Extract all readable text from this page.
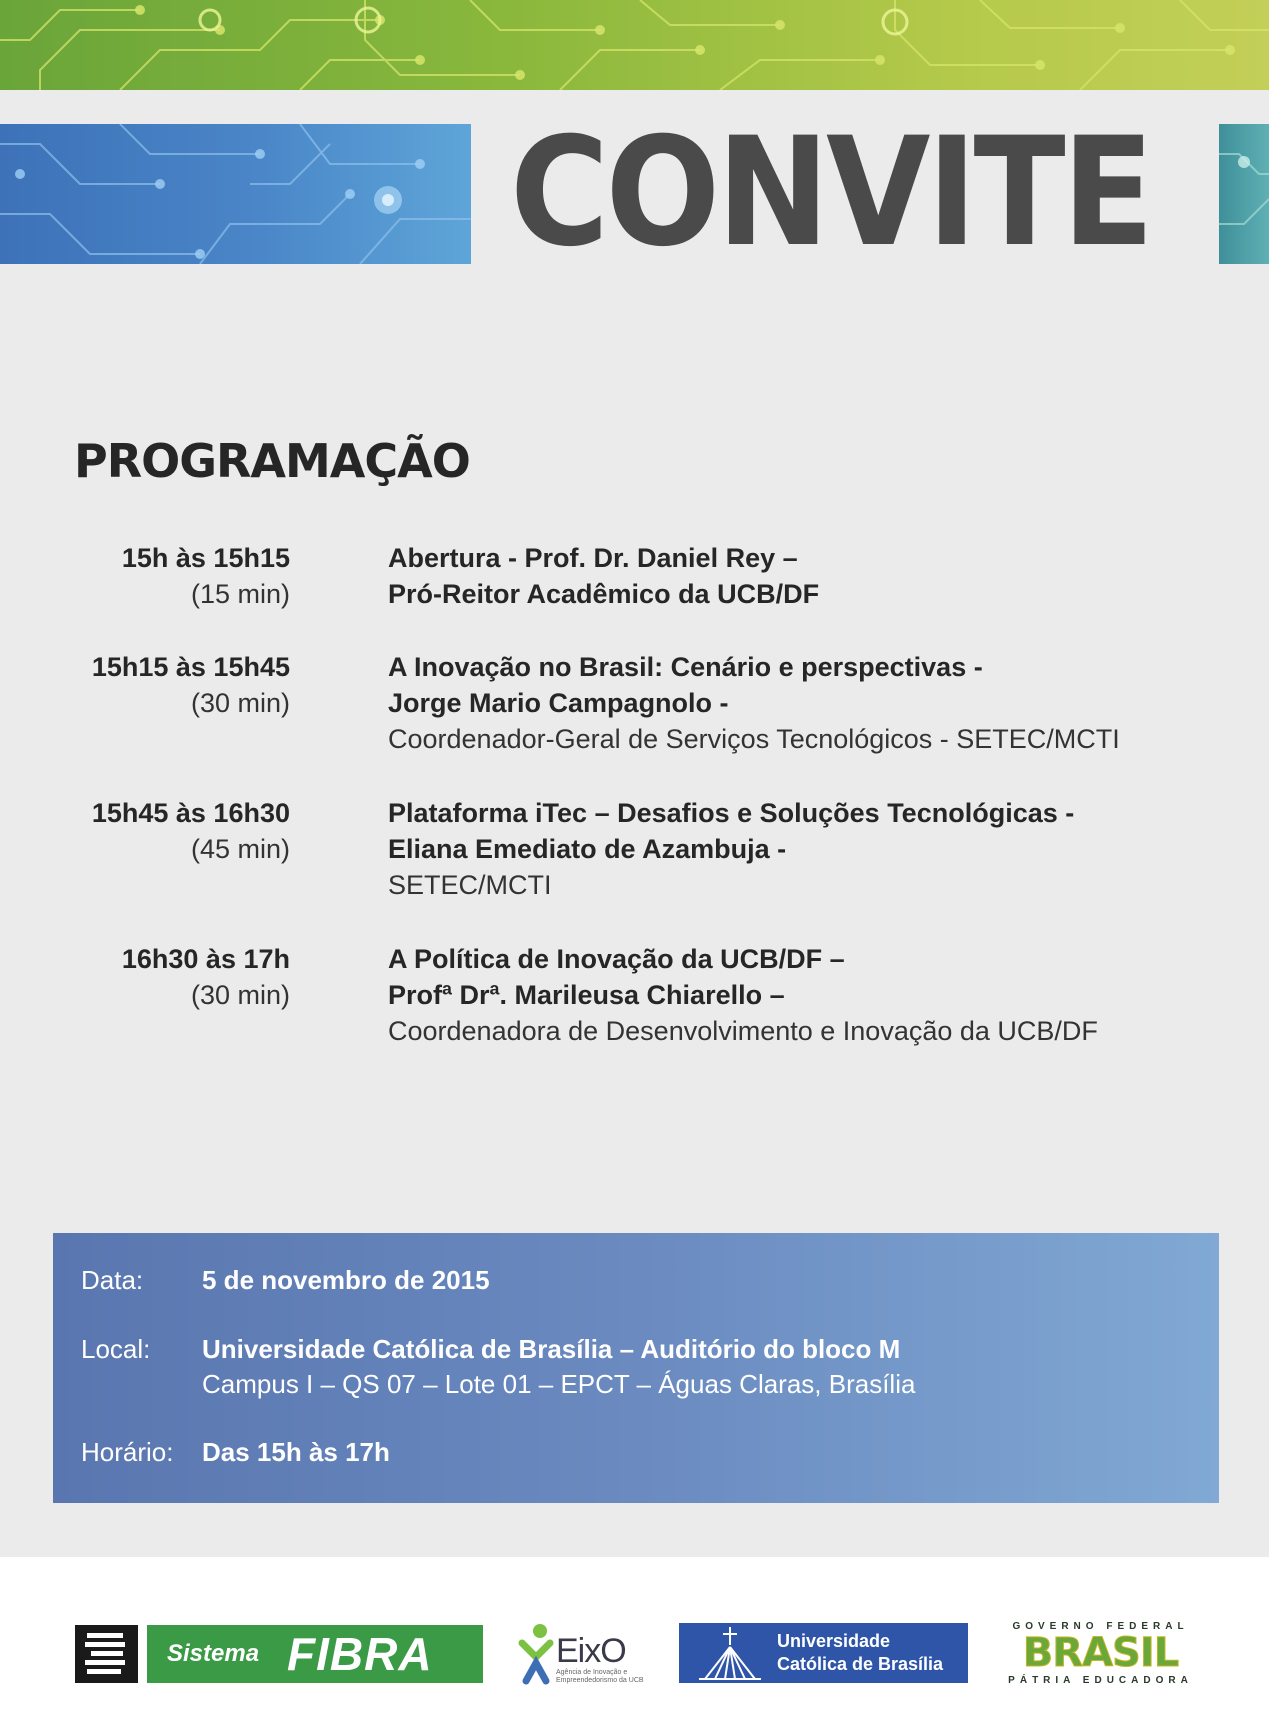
CONVITE
PROGRAMAÇÃO
15h às 15h15
(15 min)
Abertura - Prof. Dr. Daniel Rey –
Pró-Reitor Acadêmico da UCB/DF
15h15 às 15h45
(30 min)
A Inovação no Brasil: Cenário e perspectivas -
Jorge Mario Campagnolo -
Coordenador-Geral de Serviços Tecnológicos - SETEC/MCTI
15h45 às 16h30
(45 min)
Plataforma iTec – Desafios e Soluções Tecnológicas -
Eliana Emediato de Azambuja -
SETEC/MCTI
16h30 às 17h
(30 min)
A Política de Inovação da UCB/DF –
Profª Drª. Marileusa Chiarello –
Coordenadora de Desenvolvimento e Inovação da UCB/DF
Data: 5 de novembro de 2015
Local: Universidade Católica de Brasília – Auditório do bloco M
Campus I – QS 07 – Lote 01 – EPCT – Águas Claras, Brasília
Horário: Das 15h às 17h
Sistema FIBRA	EixO
Agência de Inovação e Empreendedorismo da UCB
Universidade
Católica de Brasília
GOVERNO FEDERAL
BRASIL
PÁTRIA EDUCADORA
